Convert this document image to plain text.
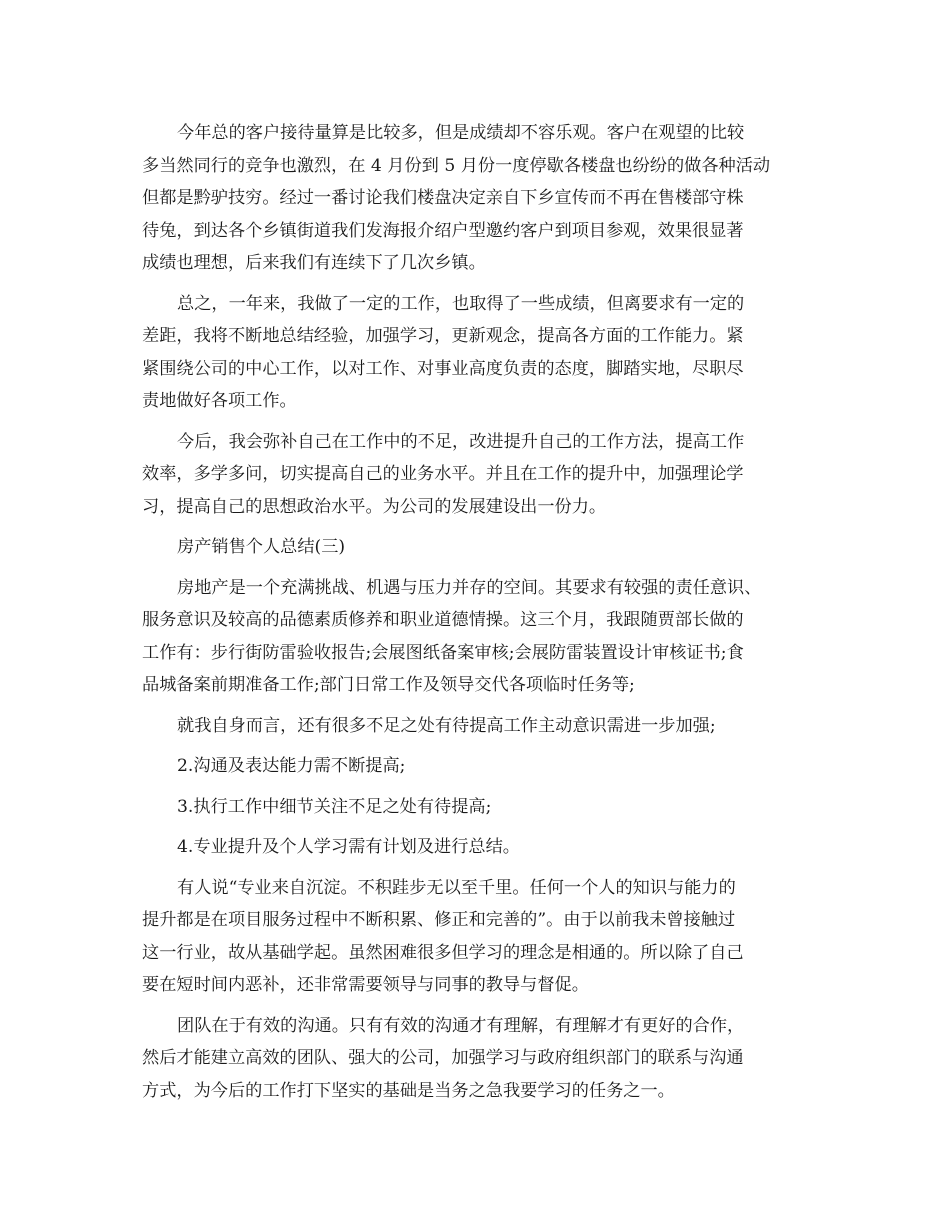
今年总的客户接待量算是比较多，但是成绩却不容乐观。客户在观望的比较
多当然同行的竞争也激烈，在 4 月份到 5 月份一度停歇各楼盘也纷纷的做各种活动
但都是黔驴技穷。经过一番讨论我们楼盘决定亲自下乡宣传而不再在售楼部守株
待兔，到达各个乡镇街道我们发海报介绍户型邀约客户到项目参观，效果很显著
成绩也理想，后来我们有连续下了几次乡镇。
总之，一年来，我做了一定的工作，也取得了一些成绩，但离要求有一定的
差距，我将不断地总结经验，加强学习，更新观念，提高各方面的工作能力。紧
紧围绕公司的中心工作，以对工作、对事业高度负责的态度，脚踏实地，尽职尽
责地做好各项工作。
今后，我会弥补自己在工作中的不足，改进提升自己的工作方法，提高工作
效率，多学多问，切实提高自己的业务水平。并且在工作的提升中，加强理论学
习，提高自己的思想政治水平。为公司的发展建设出一份力。
房产销售个人总结(三)
房地产是一个充满挑战、机遇与压力并存的空间。其要求有较强的责任意识、
服务意识及较高的品德素质修养和职业道德情操。这三个月，我跟随贾部长做的
工作有：步行街防雷验收报告;会展图纸备案审核;会展防雷装置设计审核证书;食
品城备案前期准备工作;部门日常工作及领导交代各项临时任务等;
就我自身而言，还有很多不足之处有待提高工作主动意识需进一步加强;
2.沟通及表达能力需不断提高;
3.执行工作中细节关注不足之处有待提高;
4.专业提升及个人学习需有计划及进行总结。
有人说“专业来自沉淀。不积跬步无以至千里。任何一个人的知识与能力的
提升都是在项目服务过程中不断积累、修正和完善的”。由于以前我未曾接触过
这一行业，故从基础学起。虽然困难很多但学习的理念是相通的。所以除了自己
要在短时间内恶补，还非常需要领导与同事的教导与督促。
团队在于有效的沟通。只有有效的沟通才有理解，有理解才有更好的合作，
然后才能建立高效的团队、强大的公司，加强学习与政府组织部门的联系与沟通
方式，为今后的工作打下坚实的基础是当务之急我要学习的任务之一。
